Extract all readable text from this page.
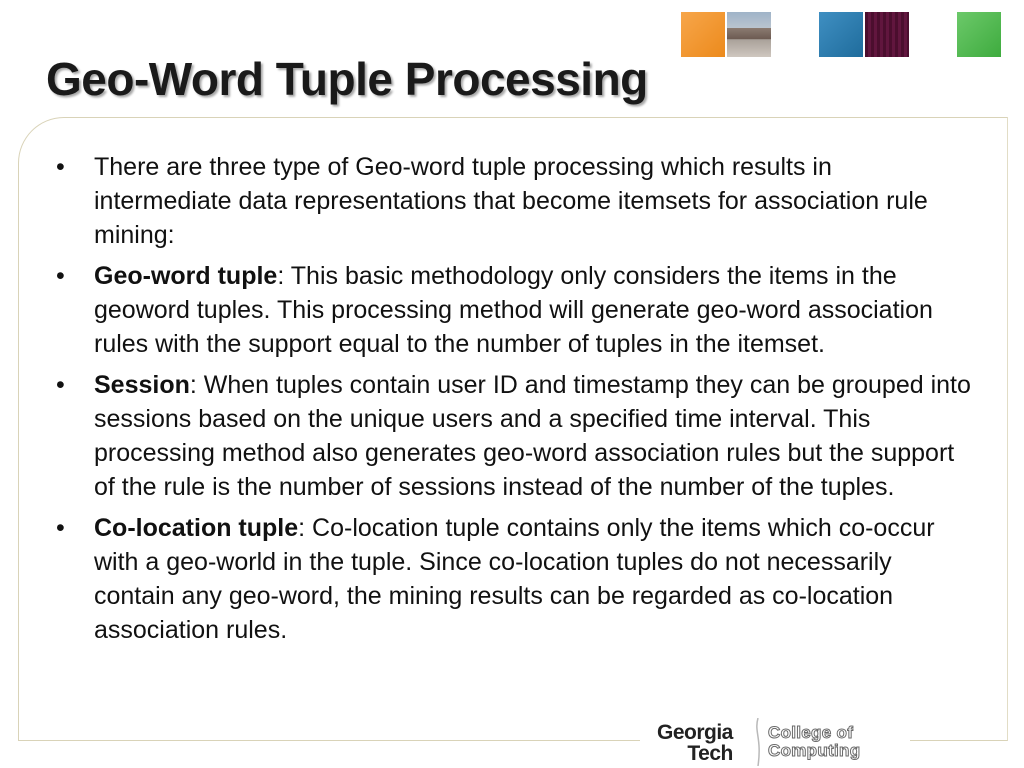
Geo-Word Tuple Processing
• There are three type of Geo-word tuple processing which results in intermediate data representations that become itemsets for association rule mining:
• Geo-word tuple: This basic methodology only considers the items in the geoword tuples. This processing method will generate geo-word association rules with the support equal to the number of tuples in the itemset.
• Session: When tuples contain user ID and timestamp they can be grouped into sessions based on the unique users and a specified time interval. This processing method also generates geo-word association rules but the support of the rule is the number of sessions instead of the number of the tuples.
• Co-location tuple: Co-location tuple contains only the items which co-occur with a geo-world in the tuple. Since co-location tuples do not necessarily contain any geo-word, the mining results can be regarded as co-location association rules.
Georgia
Tech
College of
Computing
